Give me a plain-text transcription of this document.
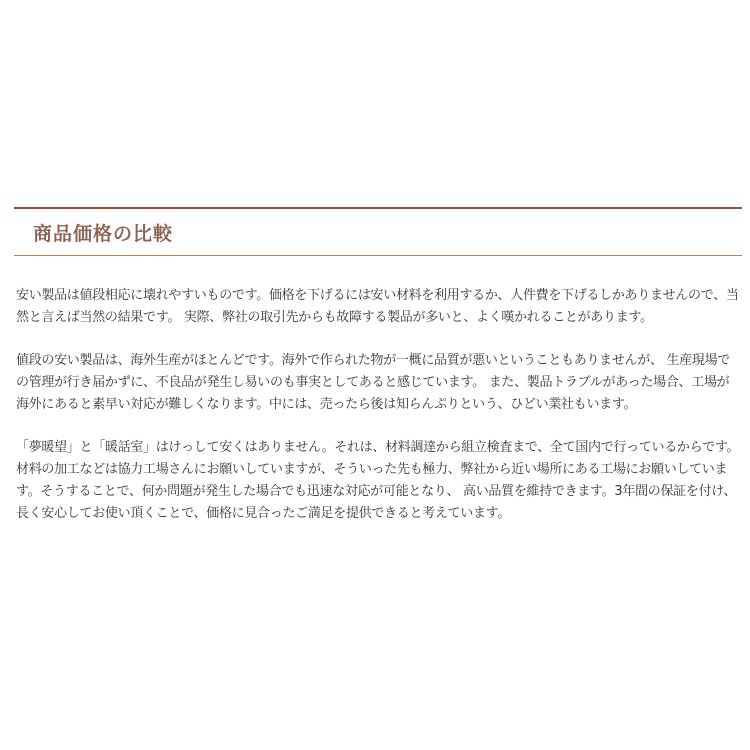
商品価格の比較

安い製品は値段相応に壊れやすいものです。価格を下げるには安い材料を利用するか、人件費を下げるしかありませんので、当然と言えば当然の結果です。 実際、弊社の取引先からも故障する製品が多いと、よく嘆かれることがあります。

値段の安い製品は、海外生産がほとんどです。海外で作られた物が一概に品質が悪いということもありませんが、 生産現場での管理が行き届かずに、不良品が発生し易いのも事実としてあると感じています。 また、製品トラブルがあった場合、工場が海外にあると素早い対応が難しくなります。中には、売ったら後は知らんぷりという、ひどい業社もいます。

「夢暖望」と「暖話室」はけっして安くはありません。それは、材料調達から組立検査まで、全て国内で行っているからです。 材料の加工などは協力工場さんにお願いしていますが、そういった先も極力、弊社から近い場所にある工場にお願いしています。そうすることで、何か問題が発生した場合でも迅速な対応が可能となり、 高い品質を維持できます。3年間の保証を付け、長く安心してお使い頂くことで、価格に見合ったご満足を提供できると考えています。
